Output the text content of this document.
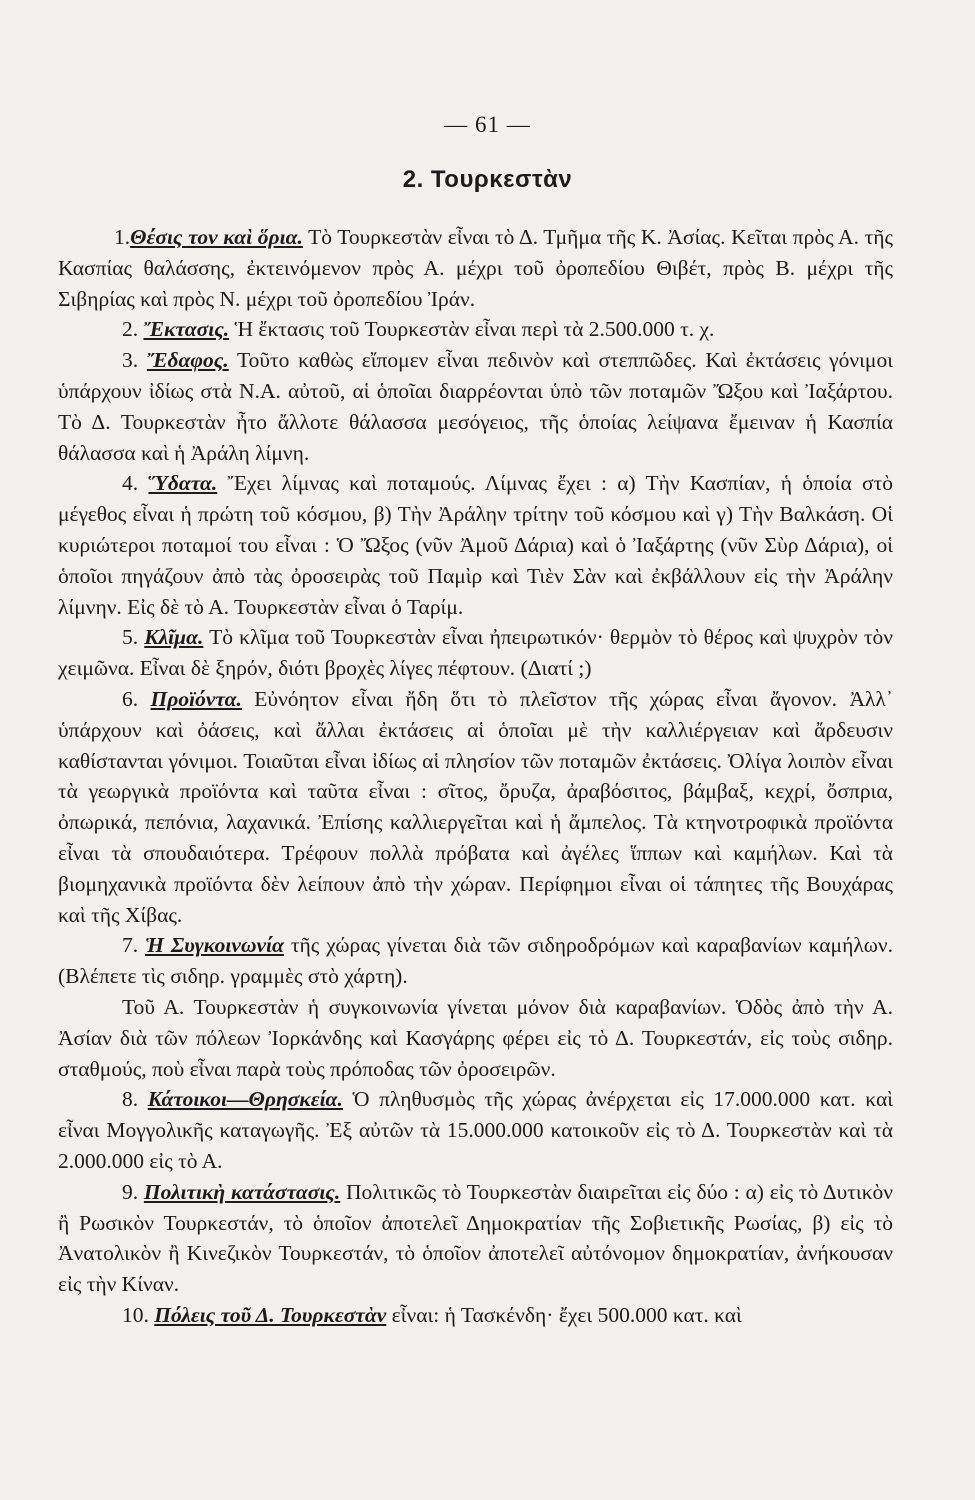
— 61 —
2. Τουρκεστὰν

1.Θέσις τον καὶ ὅρια. Τὸ Τουρκεστὰν εἶναι τὸ Δ. Τμῆμα τῆς Κ. Ἀσίας. Κεῖται πρὸς Α. τῆς Κασπίας θαλάσσης, ἐκτεινόμενον πρὸς Α. μέχρι τοῦ ὀροπεδίου Θιβέτ, πρὸς Β. μέχρι τῆς Σιβηρίας καὶ πρὸς Ν. μέχρι τοῦ ὀροπεδίου Ἰράν.

2. Ἔκτασις. Ἡ ἔκτασις τοῦ Τουρκεστὰν εἶναι περὶ τὰ 2.500.000 τ. χ.

3. Ἔδαφος. Τοῦτο καθὼς εἴπομεν εἶναι πεδινὸν καὶ στεππῶδες. Καὶ ἐκτάσεις γόνιμοι ὑπάρχουν ἰδίως στὰ Ν.Α. αὐτοῦ, αἱ ὁποῖαι διαρρέονται ὑπὸ τῶν ποταμῶν Ὤξου καὶ Ἰαξάρτου. Τὸ Δ. Τουρκεστὰν ἦτο ἄλλοτε θάλασσα μεσόγειος, τῆς ὁποίας λείψανα ἔμειναν ἡ Κασπία θάλασσα καὶ ἡ Ἀράλη λίμνη.

4. Ὕδατα. Ἔχει λίμνας καὶ ποταμούς. Λίμνας ἔχει : α) Τὴν Κασπίαν, ἡ ὁποία στὸ μέγεθος εἶναι ἡ πρώτη τοῦ κόσμου, β) Τὴν Ἀράλην τρίτην τοῦ κόσμου καὶ γ) Τὴν Βαλκάση. Οἱ κυριώτεροι ποταμοί του εἶναι : Ὁ Ὤξος (νῦν Ἀμοῦ Δάρια) καὶ ὁ Ἰαξάρτης (νῦν Σὺρ Δάρια), οἱ ὁποῖοι πηγάζουν ἀπὸ τὰς ὀροσειρὰς τοῦ Παμὶρ καὶ Τιὲν Σὰν καὶ ἐκβάλλουν εἰς τὴν Ἀράλην λίμνην. Εἰς δὲ τὸ Α. Τουρκεστὰν εἶναι ὁ Ταρίμ.

5. Κλῖμα. Τὸ κλῖμα τοῦ Τουρκεστὰν εἶναι ἠπειρωτικόν· θερμὸν τὸ θέρος καὶ ψυχρὸν τὸν χειμῶνα. Εἶναι δὲ ξηρόν, διότι βροχὲς λίγες πέφτουν. (Διατί ;)

6. Προϊόντα. Εὐνόητον εἶναι ἤδη ὅτι τὸ πλεῖστον τῆς χώρας εἶναι ἄγονον. Ἀλλ᾽ ὑπάρχουν καὶ ὀάσεις, καὶ ἄλλαι ἐκτάσεις αἱ ὁποῖαι μὲ τὴν καλλιέργειαν καὶ ἄρδευσιν καθίστανται γόνιμοι. Τοιαῦται εἶναι ἰδίως αἱ πλησίον τῶν ποταμῶν ἐκτάσεις. Ὀλίγα λοιπὸν εἶναι τὰ γεωργικὰ προϊόντα καὶ ταῦτα εἶναι : σῖτος, ὄρυζα, ἀραβόσιτος, βάμβαξ, κεχρί, ὄσπρια, ὀπωρικά, πεπόνια, λαχανικά. Ἐπίσης καλλιεργεῖται καὶ ἡ ἄμπελος. Τὰ κτηνοτροφικὰ προϊόντα εἶναι τὰ σπουδαιότερα. Τρέφουν πολλὰ πρόβατα καὶ ἀγέλες ἵππων καὶ καμήλων. Καὶ τὰ βιομηχανικὰ προϊόντα δὲν λείπουν ἀπὸ τὴν χώραν. Περίφημοι εἶναι οἱ τάπητες τῆς Βουχάρας καὶ τῆς Χίβας.

7. Ἡ Συγκοινωνία τῆς χώρας γίνεται διὰ τῶν σιδηροδρόμων καὶ καραβανίων καμήλων. (Βλέπετε τὶς σιδηρ. γραμμὲς στὸ χάρτη).

Τοῦ Α. Τουρκεστὰν ἡ συγκοινωνία γίνεται μόνον διὰ καραβανίων. Ὁδὸς ἀπὸ τὴν Α. Ἀσίαν διὰ τῶν πόλεων Ἰορκάνδης καὶ Κασγάρης φέρει εἰς τὸ Δ. Τουρκεστάν, εἰς τοὺς σιδηρ. σταθμούς, ποὺ εἶναι παρὰ τοὺς πρόποδας τῶν ὀροσειρῶν.

8. Κάτοικοι—Θρησκεία. Ὁ πληθυσμὸς τῆς χώρας ἀνέρχεται εἰς 17.000.000 κατ. καὶ εἶναι Μογγολικῆς καταγωγῆς. Ἐξ αὐτῶν τὰ 15.000.000 κατοικοῦν εἰς τὸ Δ. Τουρκεστὰν καὶ τὰ 2.000.000 εἰς τὸ Α.

9. Πολιτικὴ κατάστασις. Πολιτικῶς τὸ Τουρκεστὰν διαιρεῖται εἰς δύο : α) εἰς τὸ Δυτικὸν ἢ Ρωσικὸν Τουρκεστάν, τὸ ὁποῖον ἀποτελεῖ Δημοκρατίαν τῆς Σοβιετικῆς Ρωσίας, β) εἰς τὸ Ἀνατολικὸν ἢ Κινεζικὸν Τουρκεστάν, τὸ ὁποῖον ἀποτελεῖ αὐτόνομον δημοκρατίαν, ἀνήκουσαν εἰς τὴν Κίναν.

10. Πόλεις τοῦ Δ. Τουρκεστὰν εἶναι: ἡ Τασκένδη· ἔχει 500.000 κατ. καὶ
